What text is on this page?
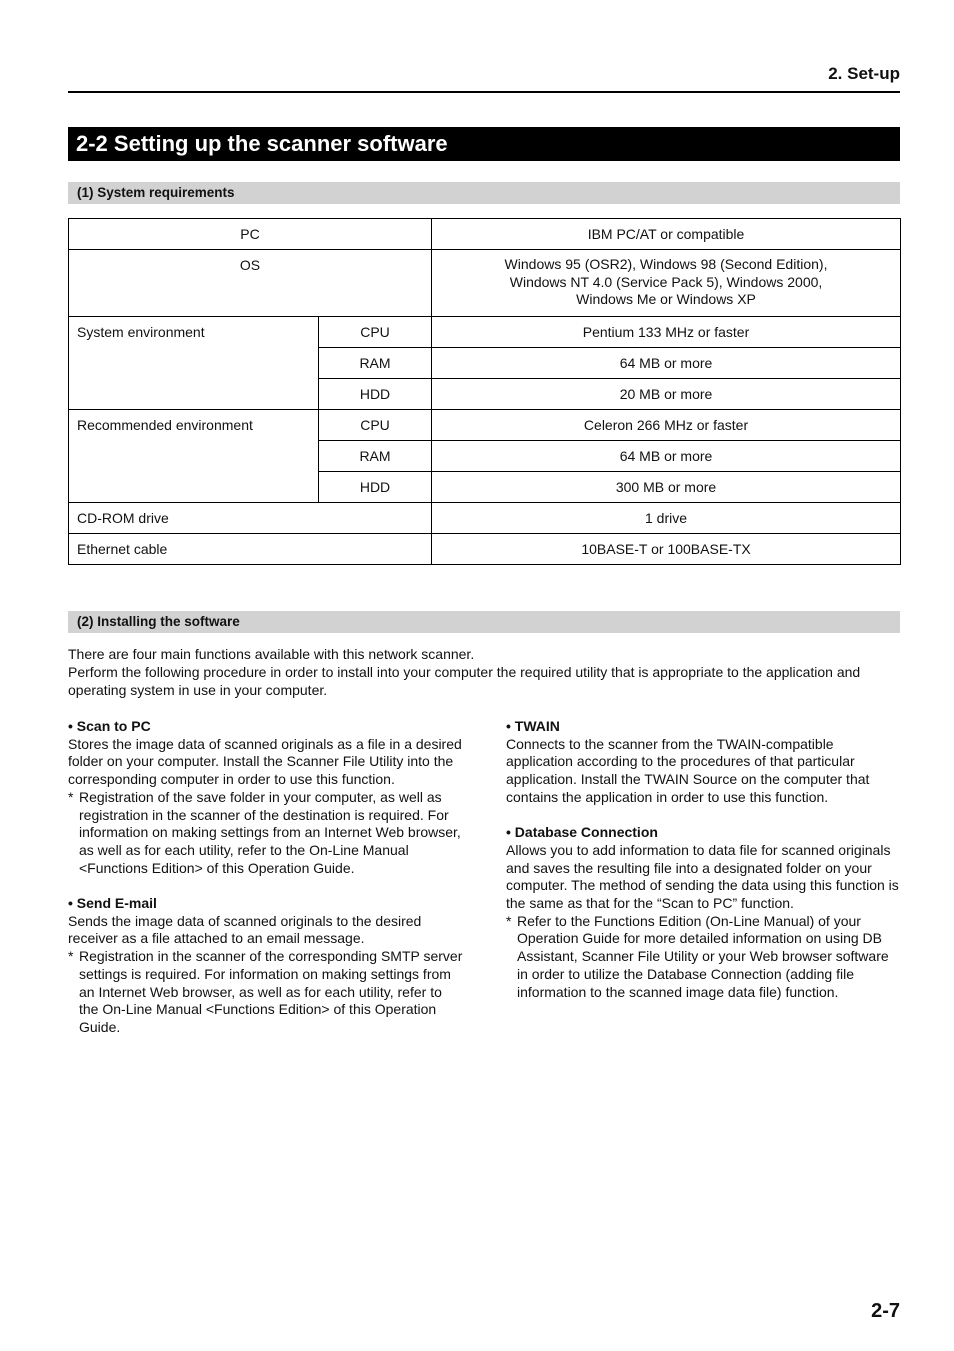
2. Set-up
2-2 Setting up the scanner software
(1) System requirements
PC		IBM PC/AT or compatible
OS		Windows 95 (OSR2), Windows 98 (Second Edition),
Windows NT 4.0 (Service Pack 5), Windows 2000,
Windows Me or Windows XP

System environment	CPU	Pentium 133 MHz or faster
	RAM	64 MB or more
	HDD	20 MB or more
Recommended environment	CPU	Celeron 266 MHz or faster
	RAM	64 MB or more
	HDD	300 MB or more
CD-ROM drive		1 drive
Ethernet cable		10BASE-T or 100BASE-TX
(2) Installing the software

There are four main functions available with this network scanner.

Perform the following procedure in order to install into your computer the required utility that is appropriate to the application and operating system in use in your computer.

• Scan to PC

Stores the image data of scanned originals as a file in a desired folder on your computer. Install the Scanner File Utility into the corresponding computer in order to use this function.

* Registration of the save folder in your computer, as well as registration in the scanner of the destination is required. For information on making settings from an Internet Web browser, as well as for each utility, refer to the On-Line Manual <Functions Edition> of this Operation Guide.

• Send E-mail

Sends the image data of scanned originals to the desired receiver as a file attached to an email message.

* Registration in the scanner of the corresponding SMTP server settings is required. For information on making settings from an Internet Web browser, as well as for each utility, refer to the On-Line Manual <Functions Edition> of this Operation Guide.

• TWAIN

Connects to the scanner from the TWAIN-compatible application according to the procedures of that particular application. Install the TWAIN Source on the computer that contains the application in order to use this function.

• Database Connection

Allows you to add information to data file for scanned originals and saves the resulting file into a designated folder on your computer. The method of sending the data using this function is the same as that for the “Scan to PC” function.

* Refer to the Functions Edition (On-Line Manual) of your Operation Guide for more detailed information on using DB Assistant, Scanner File Utility or your Web browser software in order to utilize the Database Connection (adding file information to the scanned image data file) function.
2-7
